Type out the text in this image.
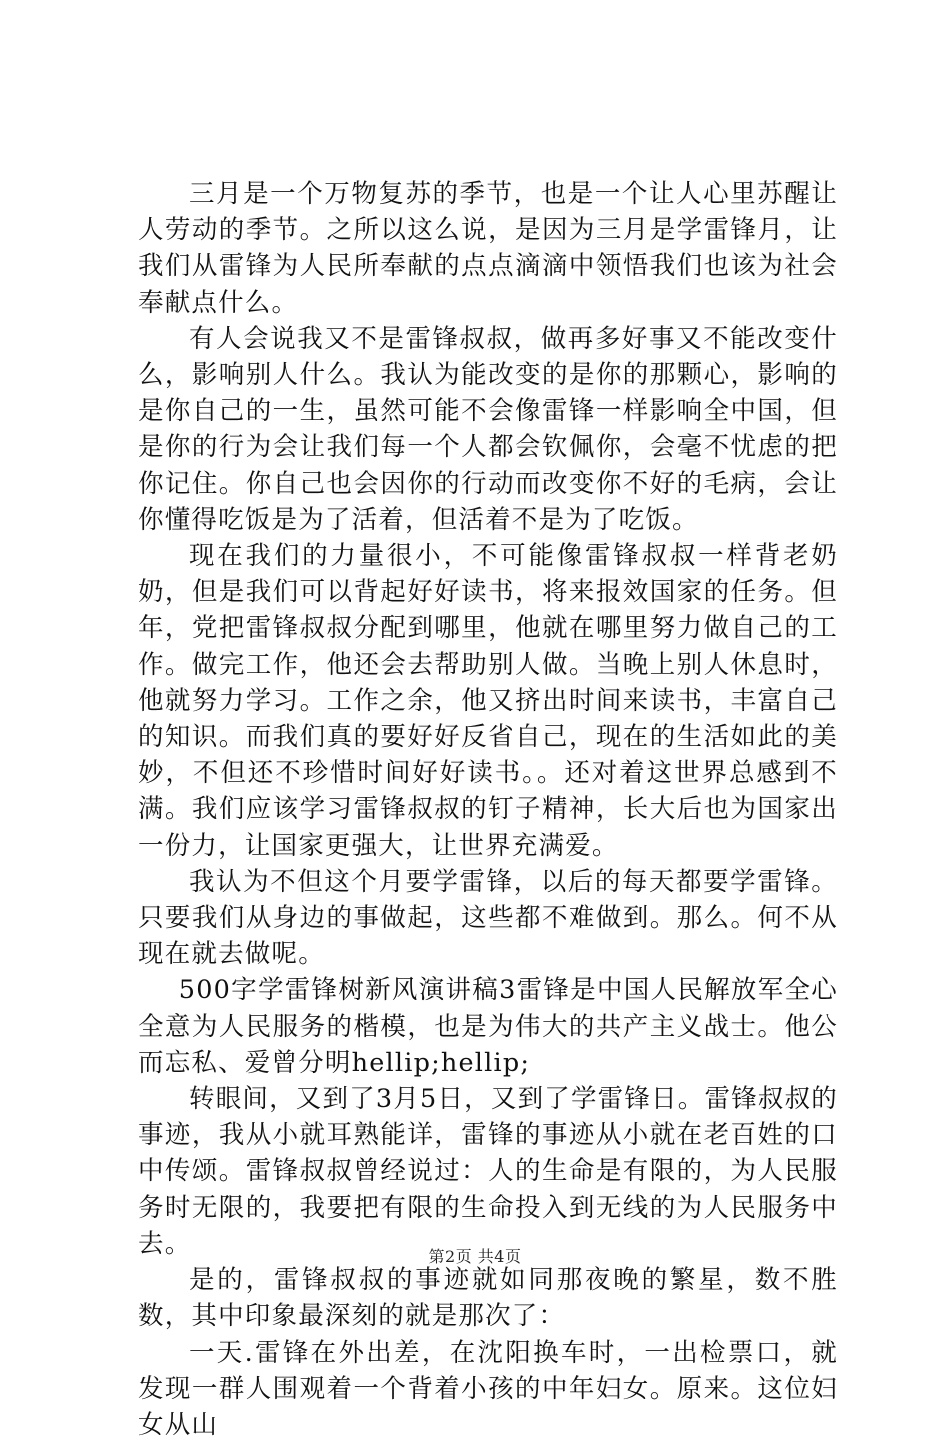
三月是一个万物复苏的季节，也是一个让人心里苏醒让人劳动的季节。之所以这么说，是因为三月是学雷锋月，让我们从雷锋为人民所奉献的点点滴滴中领悟我们也该为社会奉献点什么。

有人会说我又不是雷锋叔叔，做再多好事又不能改变什么，影响别人什么。我认为能改变的是你的那颗心，影响的是你自己的一生，虽然可能不会像雷锋一样影响全中国，但是你的行为会让我们每一个人都会钦佩你，会毫不忧虑的把你记住。你自己也会因你的行动而改变你不好的毛病，会让你懂得吃饭是为了活着，但活着不是为了吃饭。

现在我们的力量很小，不可能像雷锋叔叔一样背老奶奶，但是我们可以背起好好读书，将来报效国家的任务。但年，党把雷锋叔叔分配到哪里，他就在哪里努力做自己的工作。做完工作，他还会去帮助别人做。当晚上别人休息时，他就努力学习。工作之余，他又挤出时间来读书，丰富自己的知识。而我们真的要好好反省自己，现在的生活如此的美妙，不但还不珍惜时间好好读书。。还对着这世界总感到不满。我们应该学习雷锋叔叔的钉子精神，长大后也为国家出一份力，让国家更强大，让世界充满爱。

我认为不但这个月要学雷锋，以后的每天都要学雷锋。只要我们从身边的事做起，这些都不难做到。那么。何不从现在就去做呢。

500字学雷锋树新风演讲稿3雷锋是中国人民解放军全心全意为人民服务的楷模，也是为伟大的共产主义战士。他公而忘私、爱曾分明hellip;hellip;

转眼间，又到了3月5日，又到了学雷锋日。雷锋叔叔的事迹，我从小就耳熟能详，雷锋的事迹从小就在老百姓的口中传颂。雷锋叔叔曾经说过：人的生命是有限的，为人民服务时无限的，我要把有限的生命投入到无线的为人民服务中去。

是的，雷锋叔叔的事迹就如同那夜晚的繁星，数不胜数，其中印象最深刻的就是那次了：

一天.雷锋在外出差，在沈阳换车时，一出检票口，就发现一群人围观着一个背着小孩的中年妇女。原来。这位妇女从山

第2页 共4页
